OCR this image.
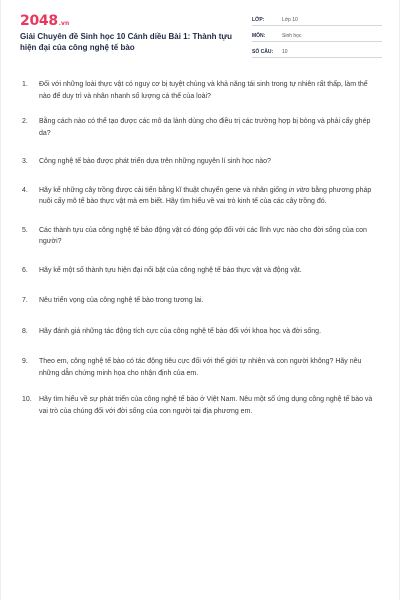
2048.vn
Giải Chuyên đề Sinh học 10 Cánh diều Bài 1: Thành tựu hiện đại của công nghệ tế bào
LỚP:	Lớp 10
MÔN:	Sinh học
SỐ CÂU:	10
1.	Đối với những loài thực vật có nguy cơ bị tuyệt chủng và khả năng tái sinh trong tự nhiên rất thấp, làm thế nào để duy trì và nhân nhanh số lượng cá thể của loài?
2.	Bằng cách nào có thể tạo được các mô da lành dùng cho điều trị các trường hợp bị bỏng và phải cấy ghép da?
3.	Công nghệ tế bào được phát triển dựa trên những nguyên lí sinh học nào?
4.	Hãy kể những cây trồng được cải tiến bằng kĩ thuật chuyển gene và nhân giống in vitro bằng phương pháp nuôi cấy mô tế bào thực vật mà em biết. Hãy tìm hiểu về vai trò kinh tế của các cây trồng đó.
5.	Các thành tựu của công nghệ tế bào động vật có đóng góp đối với các lĩnh vực nào cho đời sống của con người?
6.	Hãy kể một số thành tựu hiện đại nổi bật của công nghệ tế bào thực vật và động vật.
7.	Nêu triển vọng của công nghệ tế bào trong tương lai.
8.	Hãy đánh giá những tác động tích cực của công nghệ tế bào đối với khoa học và đời sống.
9.	Theo em, công nghệ tế bào có tác động tiêu cực đối với thế giới tự nhiên và con người không? Hãy nêu những dẫn chứng minh họa cho nhận định của em.
10.	Hãy tìm hiểu về sự phát triển của công nghệ tế bào ở Việt Nam. Nêu một số ứng dụng công nghệ tế bào và vai trò của chúng đối với đời sống của con người tại địa phương em.
